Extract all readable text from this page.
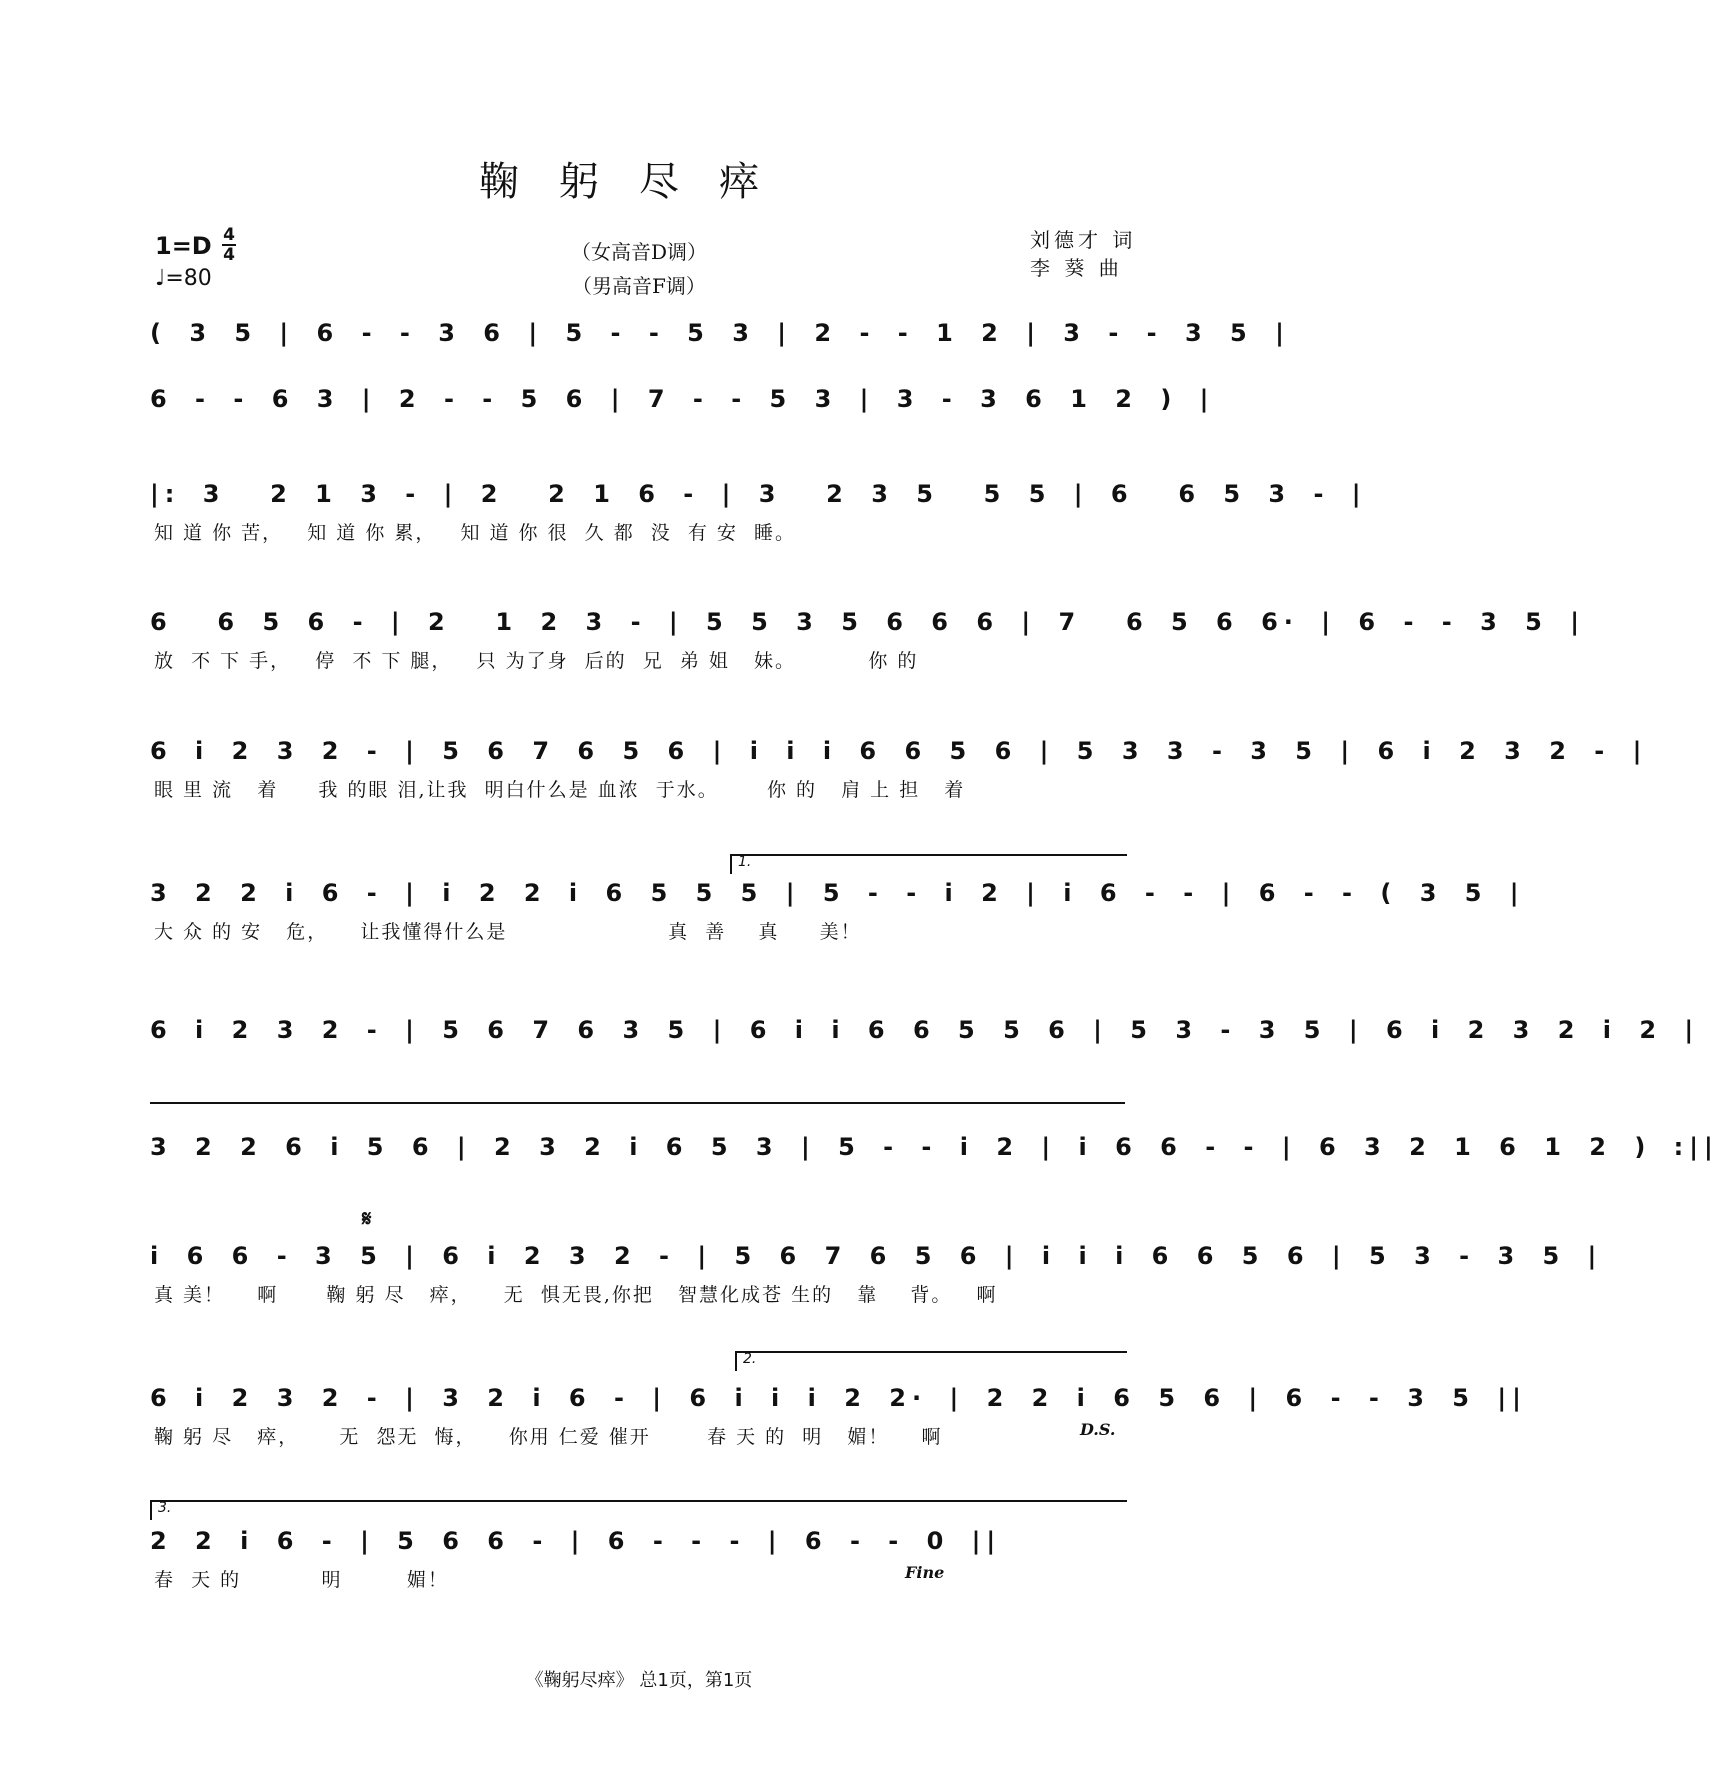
鞠躬尽瘁
1=D 4
4
♩=80
（女高音D调）
（男高音F调）
刘德才 词
李 葵 曲
( 3 5 | 6 - - 3 6 | 5 - - 5 3 | 2 - - 1 2 | 3 - - 3 5 |
6 - - 6 3 | 2 - - 5 6 | 7 - - 5 3 | 3 - 3 6 1 2 ) |
|: 3  2 1 3 - | 2  2 1 6 - | 3  2 3 5  5 5 | 6  6 5 3 - |
知 道 你 苦，   知 道 你 累，   知 道 你 很  久 都  没  有 安  睡。
6  6 5 6 - | 2  1 2 3 - | 5 5 3 5 6 6 6 | 7  6 5 6 6· | 6 - - 3 5 |
放  不 下 手，   停  不 下 腿，   只 为了身  后的  兄  弟 姐   妹。         你 的
6 i 2 3 2 - | 5 6 7 6 5 6 | i i i 6 6 5 6 | 5 3 3 - 3 5 | 6 i 2 3 2 - |
眼 里 流   着     我 的眼 泪,让我  明白什么是 血浓  于水。      你 的   肩 上 担   着
3 2 2 i 6 - | i 2 2 i 6 5 5 5 | 5 - - i 2 | i 6 - - | 6 - - ( 3 5 |
大 众 的 安   危，    让我懂得什么是                    真  善    真     美！
6 i 2 3 2 - | 5 6 7 6 3 5 | 6 i i 6 6 5 5 6 | 5 3 - 3 5 | 6 i 2 3 2 i 2 |
3 2 2 6 i 5 6 | 2 3 2 i 6 5 3 | 5 - - i 2 | i 6 6 - - | 6 3 2 1 6 1 2 ) :||
i 6 6 - 3 5 | 6 i 2 3 2 - | 5 6 7 6 5 6 | i i i 6 6 5 6 | 5 3 - 3 5 |
真 美！    啊      鞠 躬 尽   瘁，    无  惧无畏,你把   智慧化成苍 生的   靠    背。   啊
6 i 2 3 2 - | 3 2 i 6 - | 6 i i i 2 2· | 2 2 i 6 5 6 | 6 - - 3 5 ||
鞠 躬 尽   瘁，     无  怨无  悔，    你用 仁爱 催开       春 天 的  明   媚！    啊
2 2 i 6 - | 5 6 6 - | 6 - - - | 6 - - 0 ||
春  天 的          明        媚！
《鞠躬尽瘁》 总1页，第1页
1.
2.
3.
𝄋
D.S.
Fine
